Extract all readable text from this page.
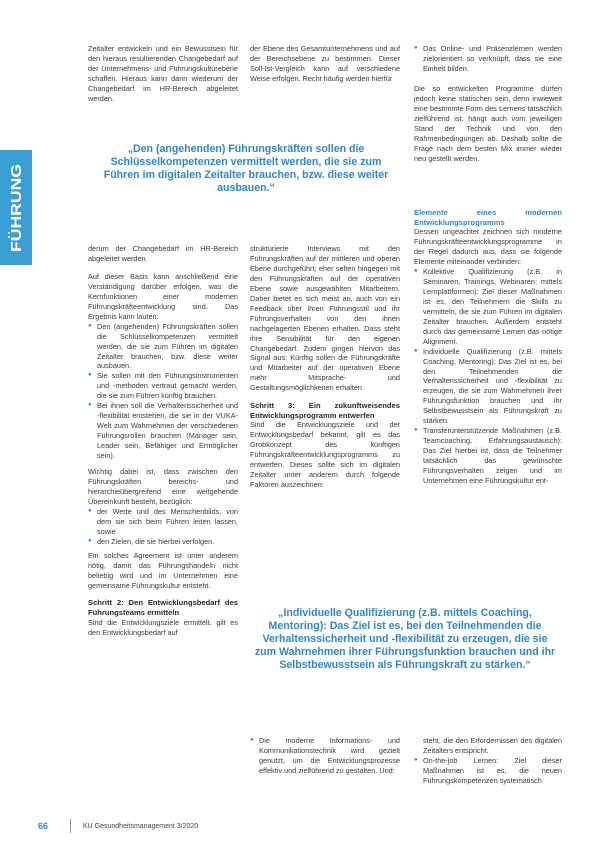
FÜHRUNG

Zeitalter entwickeln und ein Bewusstsein für den hieraus resultierenden Changebedarf auf der Unternehmens- und Führungskulturebene schaffen. Hieraus kann dann wiederum der Changebedarf im HR-Bereich abgeleitet werden.

der Ebene des Gesamtunternehmens und auf der Bereichsebene zu bestimmen. Dieser Soll-Ist-Vergleich kann auf verschiedene Weise erfolgen. Recht häufig werden hierfür

● Das Online- und Präsenzlernen werden zielorientiert so verknüpft, dass sie eine Einheit bilden.

Die so entwickelten Programme dürfen jedoch keine statischen sein, denn inwieweit eine bestimmte Form des Lernens tatsächlich zielführend ist, hängt auch vom jeweiligen Stand der Technik und von den Rahmenbedingungen ab. Deshalb sollte die Frage nach dem besten Mix immer wieder neu gestellt werden.

„Den (angehenden) Führungskräften sollen die Schlüsselkompetenzen vermittelt werden, die sie zum Führen im digitalen Zeitalter brauchen, bzw. diese weiter ausbauen.“

derum der Changebedarf im HR-Bereich abgeleitet werden.

Auf dieser Basis kann anschließend eine Verständigung darüber erfolgen, was die Kernfunktionen einer modernen Führungskräfteentwicklung sind. Das Ergebnis kann lauten:

● Den (angehenden) Führungskräften sollen die Schlüsselkompetenzen vermittelt werden, die sie zum Führen im digitalen Zeitalter brauchen, bzw. diese weiter ausbauen.
● Sie sollen mit den Führungsinstrumenten und -methoden vertraut gemacht werden, die sie zum Führen künftig brauchen.
● Bei ihnen soll die Verhaltenssicherheit und -flexibilität entstehen, die sie in der VUKA-Welt zum Wahrnehmen der verschiedenen Führungsrollen brauchen (Manager sein, Leader sein, Befähiger und Ermöglicher sein).

Wichtig dabei ist, dass zwischen den Führungskräften bereichs- und hierarchieübergreifend eine weitgehende Übereinkunft besteht, bezüglich:

● der Werte und des Menschenbilds, von dem sie sich beim Führen leiten lassen, sowie
● den Zielen, die sie hierbei verfolgen.

Ein solches Agreement ist unter anderem nötig, damit das Führungshandeln nicht beliebig wird und im Unternehmen eine gemeinsame Führungskultur entsteht.

Schritt 2: Den Entwicklungsbedarf des Führungsteams ermitteln

Sind die Entwicklungsziele ermittelt, gilt es den Entwicklungsbedarf auf

strukturierte Interviews mit den Führungskräften auf der mittleren und oberen Ebene durchgeführt; eher selten hingegen mit den Führungskräften auf der operativen Ebene sowie ausgewählten Mitarbeitern. Daher bietet es sich meist an, auch von ein Feedback über ihren Führungsstil und ihr Führungsverhalten von den ihnen nachgelagerten Ebenen erhalten. Dass steht ihre Sensibilität für den eigenen Changebedarf. Zudem gingen hiervon das Signal aus: Künftig sollen die Führungskräfte und Mitarbeiter auf der operativen Ebene mehr Mitsprache- und Gestaltungsmöglichkeiten erhalten.

Schritt 3: Ein zukunftweisendes Entwicklungsprogramm entwerfen

Sind die Entwicklungsziele und der Entwicklungsbedarf bekannt, gilt es das Grobkonzept des künftigen Führungskräfteentwicklungsprogramms zu entwerfen. Dieses sollte sich im digitalen Zeitalter unter anderem durch folgende Faktoren auszeichnen:

● Die moderne Informations- und Kommunikationstechnik wird gezielt genutzt, um die Entwicklungsprozesse effektiv und zielführend zu gestalten. Und:
Elemente eines modernen Entwicklungsprogramms

Dessen ungeachtet zeichnen sich moderne Führungskräfteentwicklungsprogramme in der Regel dadurch aus, dass sie folgende Elemente miteinander verbinden:

● Kollektive Qualifizierung (z.B. in Seminaren, Trainings, Webinaren; mittels Lernplattformen): Ziel dieser Maßnahmen ist es, den Teilnehmern die Skills zu vermitteln, die sie zum Führen im digitalen Zeitalter brauchen. Außerdem entsteht durch das gemeinsame Lernen das nötige Alignment.
● Individuelle Qualifizierung (z.B. mittels Coaching, Mentoring): Das Ziel ist es, bei den Teilnehmenden die Verhaltenssicherheit und -flexibilität zu erzeugen, die sie zum Wahrnehmen ihrer Führungsfunktion brauchen und ihr Selbstbewusstsein als Führungskraft zu stärken.
● Transferunterstützende Maßnahmen (z.B. Teamcoaching, Erfahrungsaustausch): Das Ziel hierbei ist, dass die Teilnehmer tatsächlich das gewünschte Führungsverhalten zeigen und im Unternehmen eine Führungskultur ent-
„Individuelle Qualifizierung (z.B. mittels Coaching, Mentoring): Das Ziel ist es, bei den Teilnehmenden die Verhaltenssicherheit und -flexibilität zu erzeugen, die sie zum Wahrnehmen ihrer Führungsfunktion brauchen und ihr Selbstbewusstsein als Führungskraft zu stärken.“

steht, die den Erfordernissen des digitalen Zeitalters entspricht.

● On-the-job Lernen: Ziel dieser Maßnahmen ist es, die neuen Führungskompetenzen systematisch
66	KU Gesundheitsmanagement 3/2020
